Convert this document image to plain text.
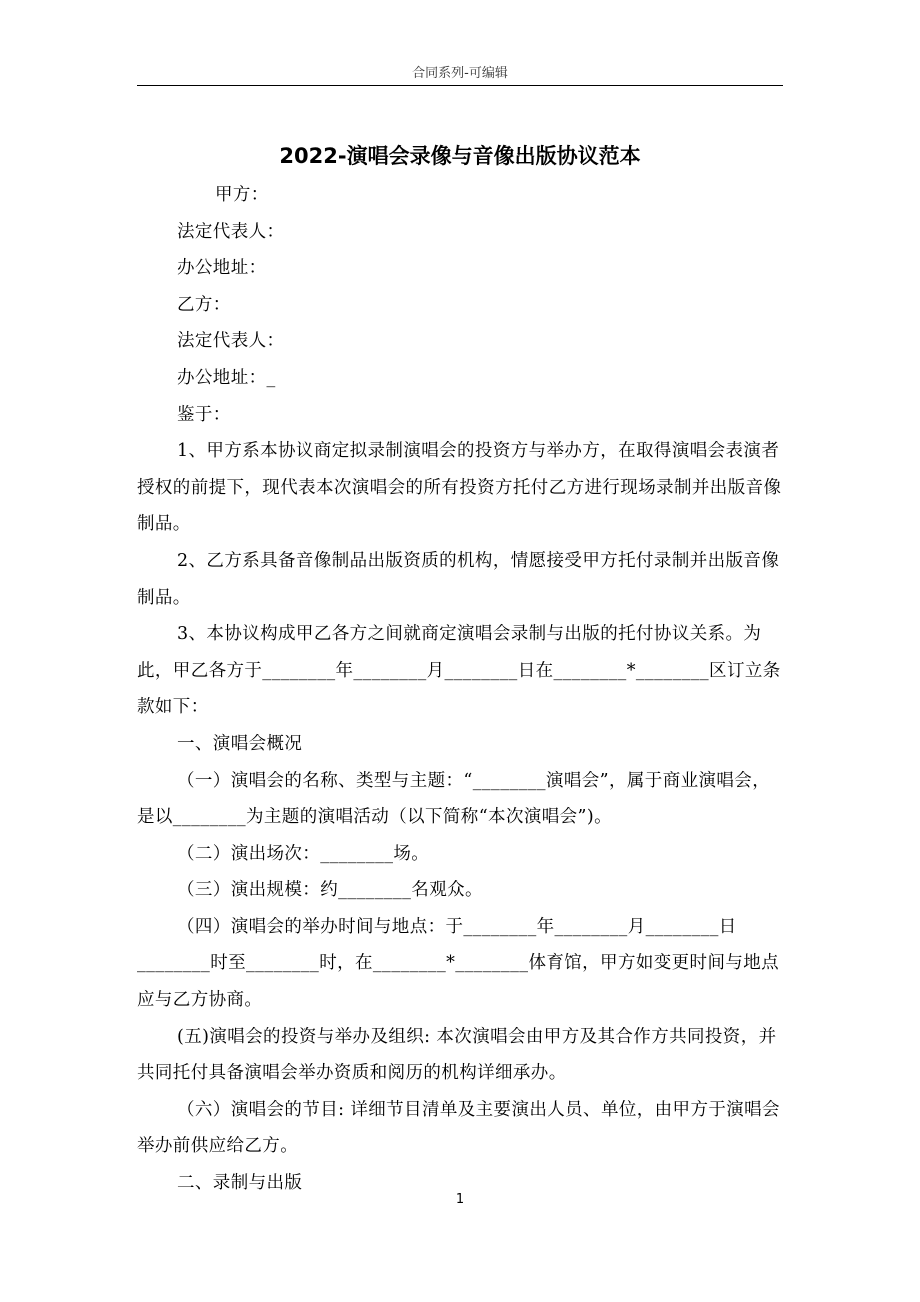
合同系列-可编辑
2022-演唱会录像与音像出版协议范本

甲方：

法定代表人：

办公地址：

乙方：

法定代表人：

办公地址：_

鉴于：

1、甲方系本协议商定拟录制演唱会的投资方与举办方，在取得演唱会表演者授权的前提下，现代表本次演唱会的所有投资方托付乙方进行现场录制并出版音像制品。

2、乙方系具备音像制品出版资质的机构，情愿接受甲方托付录制并出版音像制品。

3、本协议构成甲乙各方之间就商定演唱会录制与出版的托付协议关系。为此，甲乙各方于________年________月________日在________*________区订立条款如下：

一、演唱会概况

（一）演唱会的名称、类型与主题：“________演唱会”，属于商业演唱会，是以________为主题的演唱活动（以下简称“本次演唱会”)。

（二）演出场次：________场。

（三）演出规模：约________名观众。

（四）演唱会的举办时间与地点：于________年________月________日________时至________时，在________*________体育馆，甲方如变更时间与地点应与乙方协商。

(五)演唱会的投资与举办及组织: 本次演唱会由甲方及其合作方共同投资，并共同托付具备演唱会举办资质和阅历的机构详细承办。

（六）演唱会的节目: 详细节目清单及主要演出人员、单位，由甲方于演唱会举办前供应给乙方。

二、录制与出版

1
